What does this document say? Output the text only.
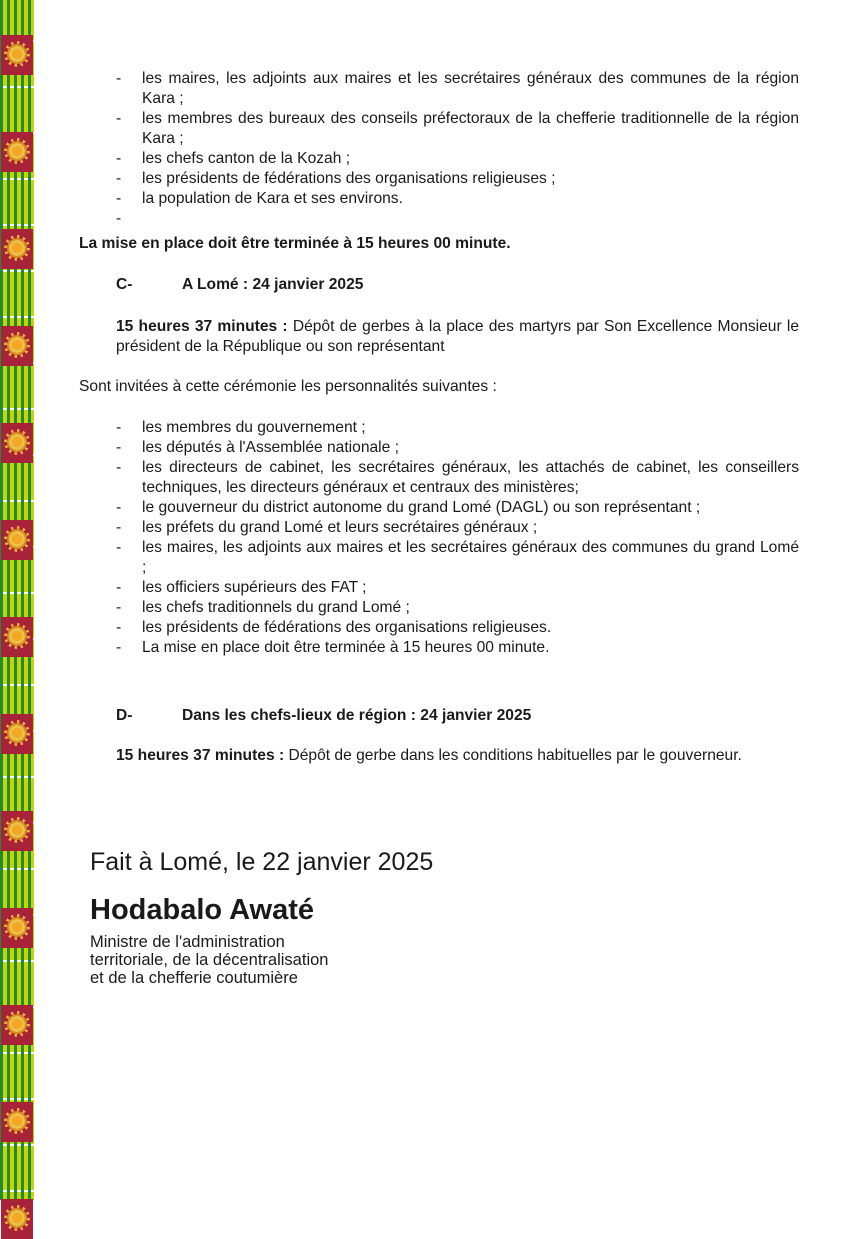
- les maires, les adjoints aux maires et les secrétaires généraux des communes de la région Kara ;
- les membres des bureaux des conseils préfectoraux de la chefferie traditionnelle de la région Kara ;
- les chefs canton de la Kozah ;
- les présidents de fédérations des organisations religieuses ;
- la population de Kara et ses environs.
-

La mise en place doit être terminée à 15 heures 00 minute.

C-	A Lomé : 24 janvier 2025

15 heures 37 minutes : Dépôt de gerbes à la place des martyrs par Son Excellence Monsieur le président de la République ou son représentant

Sont invitées à cette cérémonie les personnalités suivantes :

- les membres du gouvernement ;
- les députés à l'Assemblée nationale ;
- les directeurs de cabinet, les secrétaires généraux, les attachés de cabinet, les conseillers techniques, les directeurs généraux et centraux des ministères;
- le gouverneur du district autonome du grand Lomé (DAGL) ou son représentant ;
- les préfets du grand Lomé et leurs secrétaires généraux ;
- les maires, les adjoints aux maires et les secrétaires généraux des communes du grand Lomé ;
- les officiers supérieurs des FAT ;
- les chefs traditionnels du grand Lomé ;
- les présidents de fédérations des organisations religieuses.
- La mise en place doit être terminée à 15 heures 00 minute.
D-	Dans les chefs-lieux de région : 24 janvier 2025

15 heures 37 minutes : Dépôt de gerbe dans les conditions habituelles par le gouverneur.

Fait à Lomé, le 22 janvier 2025
Hodabalo Awaté
Ministre de l'administration
territoriale, de la décentralisation
et de la chefferie coutumière
